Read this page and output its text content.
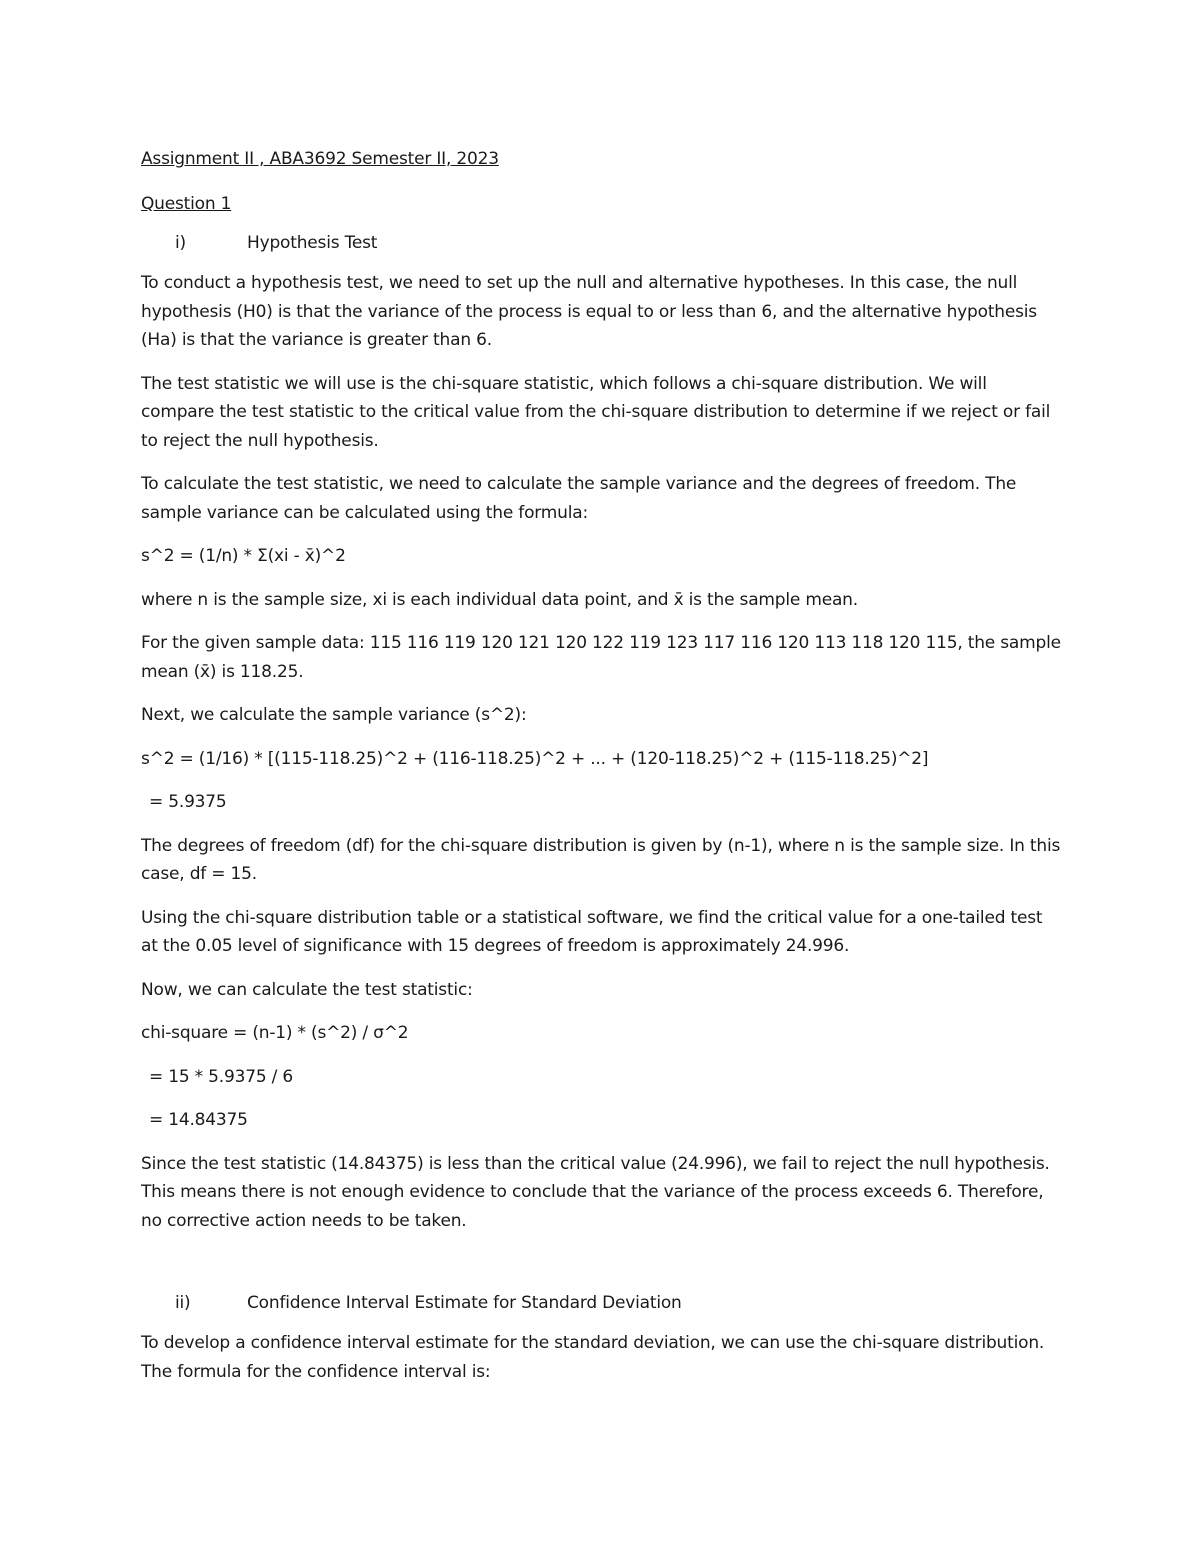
Assignment II , ABA3692 Semester II, 2023

Question 1

i)	Hypothesis Test

To conduct a hypothesis test, we need to set up the null and alternative hypotheses. In this case, the null hypothesis (H0) is that the variance of the process is equal to or less than 6, and the alternative hypothesis (Ha) is that the variance is greater than 6.

The test statistic we will use is the chi-square statistic, which follows a chi-square distribution. We will compare the test statistic to the critical value from the chi-square distribution to determine if we reject or fail to reject the null hypothesis.

To calculate the test statistic, we need to calculate the sample variance and the degrees of freedom. The sample variance can be calculated using the formula:

s^2 = (1/n) * Σ(xi - x̄)^2

where n is the sample size, xi is each individual data point, and x̄ is the sample mean.

For the given sample data: 115 116 119 120 121 120 122 119 123 117 116 120 113 118 120 115, the sample mean (x̄) is 118.25.

Next, we calculate the sample variance (s^2):

s^2 = (1/16) * [(115-118.25)^2 + (116-118.25)^2 + ... + (120-118.25)^2 + (115-118.25)^2]

= 5.9375

The degrees of freedom (df) for the chi-square distribution is given by (n-1), where n is the sample size. In this case, df = 15.

Using the chi-square distribution table or a statistical software, we find the critical value for a one-tailed test at the 0.05 level of significance with 15 degrees of freedom is approximately 24.996.

Now, we can calculate the test statistic:

chi-square = (n-1) * (s^2) / σ^2

= 15 * 5.9375 / 6

= 14.84375

Since the test statistic (14.84375) is less than the critical value (24.996), we fail to reject the null hypothesis. This means there is not enough evidence to conclude that the variance of the process exceeds 6. Therefore, no corrective action needs to be taken.

ii)	Confidence Interval Estimate for Standard Deviation

To develop a confidence interval estimate for the standard deviation, we can use the chi-square distribution. The formula for the confidence interval is:
